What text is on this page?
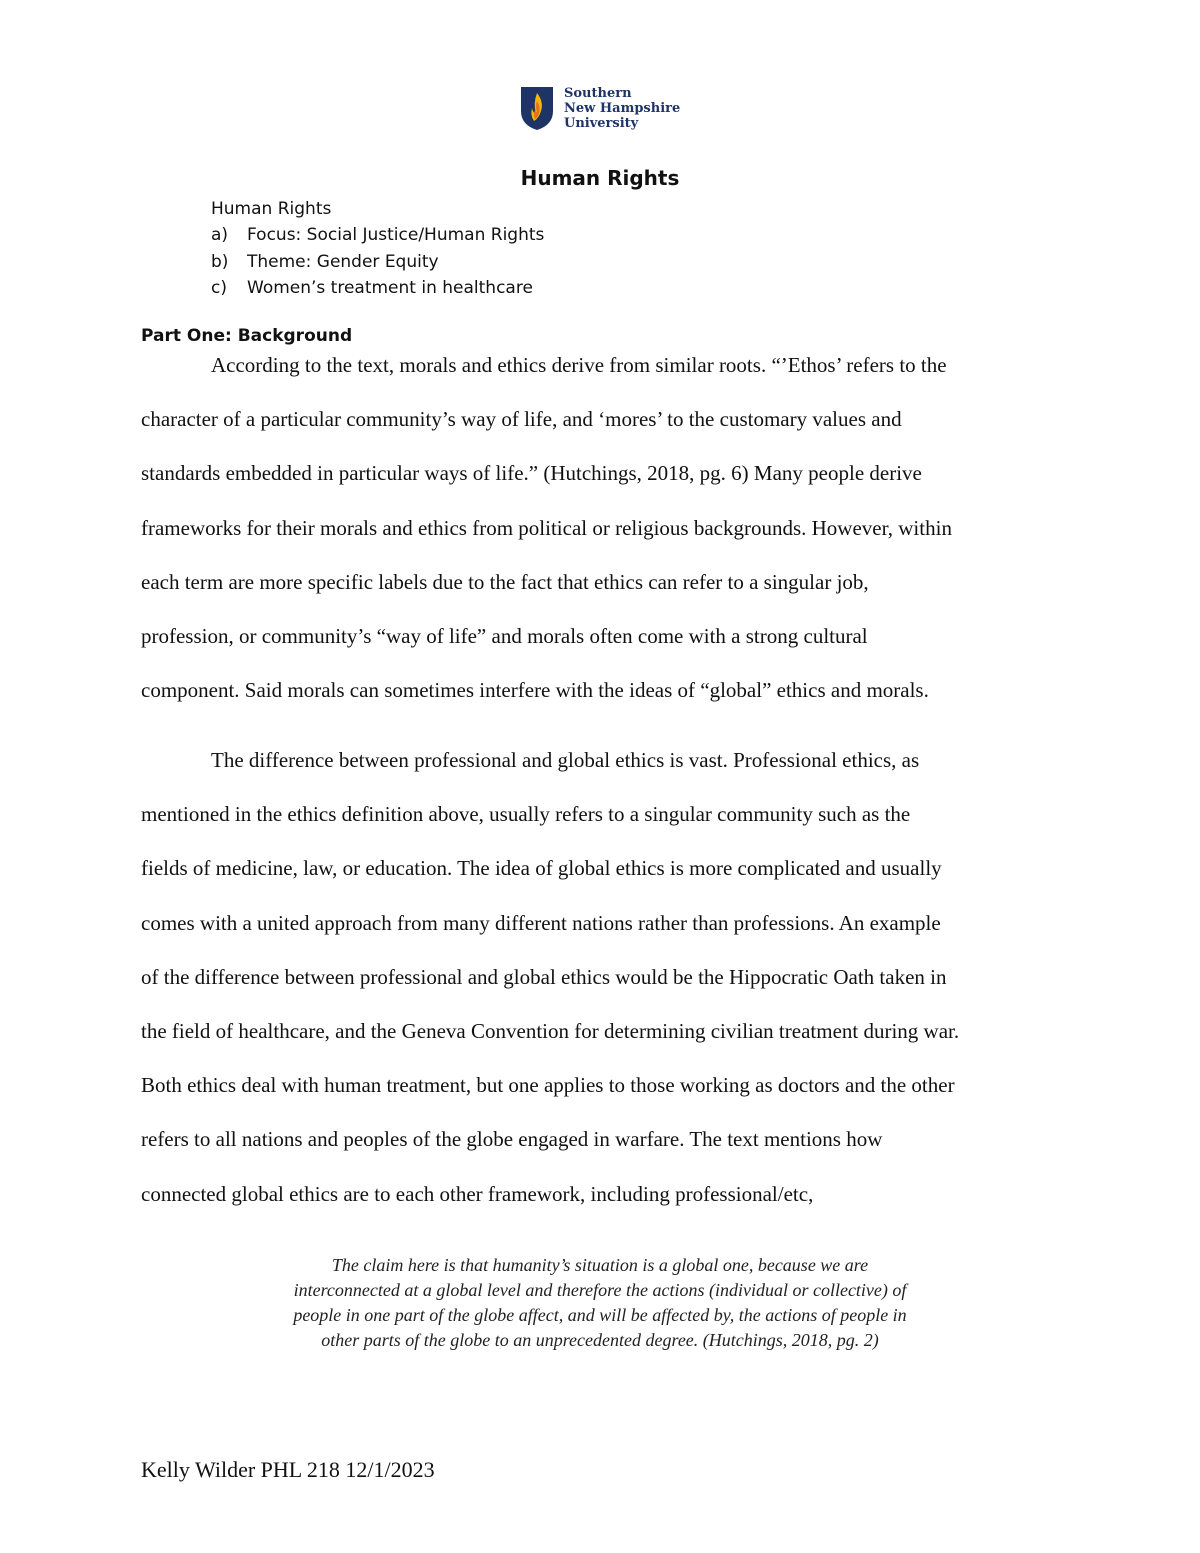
Southern
New Hampshire
University
Human Rights
Human Rights
a)	Focus: Social Justice/Human Rights
b)	Theme: Gender Equity
c)	Women’s treatment in healthcare
Part One: Background
According to the text, morals and ethics derive from similar roots. “’Ethos’ refers to the
character of a particular community’s way of life, and ‘mores’ to the customary values and
standards embedded in particular ways of life.” (Hutchings, 2018, pg. 6) Many people derive
frameworks for their morals and ethics from political or religious backgrounds. However, within
each term are more specific labels due to the fact that ethics can refer to a singular job,
profession, or community’s “way of life” and morals often come with a strong cultural
component. Said morals can sometimes interfere with the ideas of “global” ethics and morals.
The difference between professional and global ethics is vast. Professional ethics, as
mentioned in the ethics definition above, usually refers to a singular community such as the
fields of medicine, law, or education. The idea of global ethics is more complicated and usually
comes with a united approach from many different nations rather than professions. An example
of the difference between professional and global ethics would be the Hippocratic Oath taken in
the field of healthcare, and the Geneva Convention for determining civilian treatment during war.
Both ethics deal with human treatment, but one applies to those working as doctors and the other
refers to all nations and peoples of the globe engaged in warfare. The text mentions how
connected global ethics are to each other framework, including professional/etc,
The claim here is that humanity’s situation is a global one, because we are
interconnected at a global level and therefore the actions (individual or collective) of
people in one part of the globe affect, and will be affected by, the actions of people in
other parts of the globe to an unprecedented degree. (Hutchings, 2018, pg. 2)
Kelly Wilder PHL 218 12/1/2023
